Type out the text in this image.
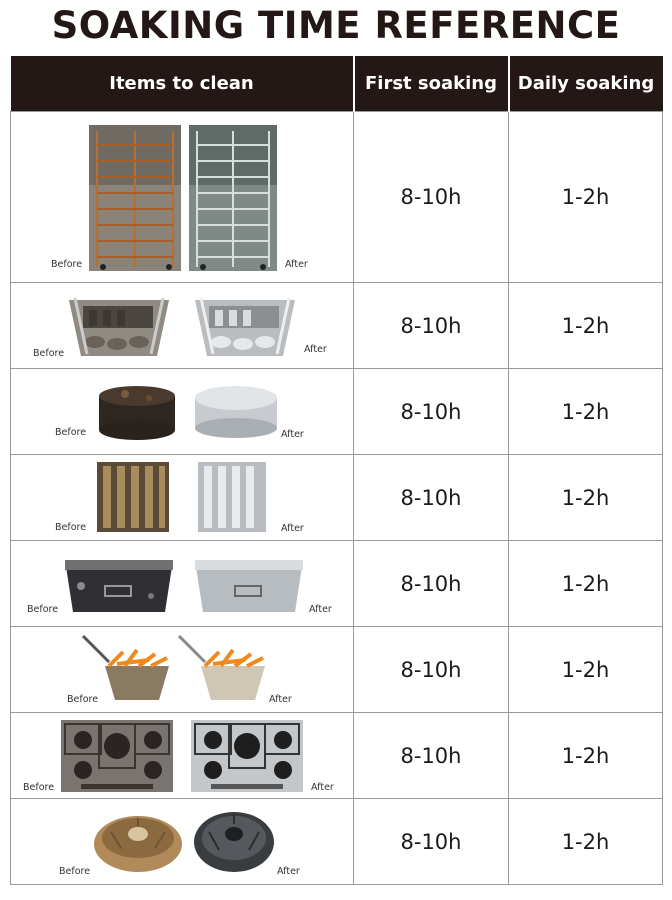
SOAKING TIME REFERENCE
Items to clean	First soaking	Daily soaking

Before After	8-10h	1-2h

Before After	8-10h	1-2h

Before After	8-10h	1-2h

Before After	8-10h	1-2h

Before After	8-10h	1-2h

Before After	8-10h	1-2h

Before After	8-10h	1-2h

Before After	8-10h	1-2h
